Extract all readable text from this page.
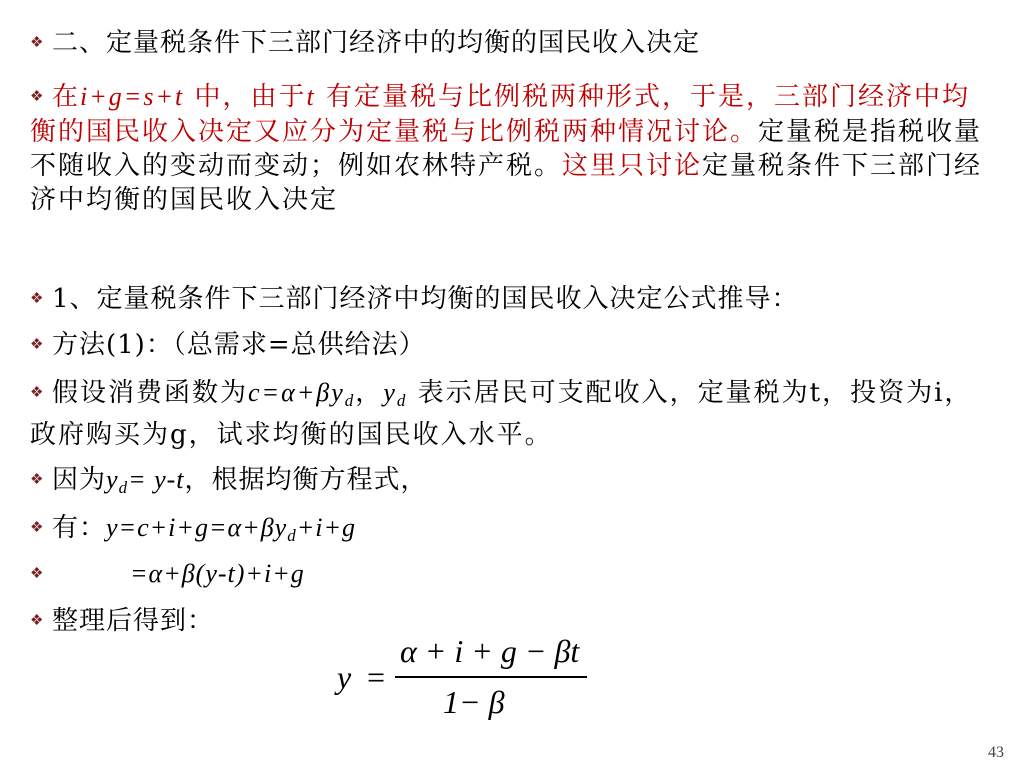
❖ 二、定量税条件下三部门经济中的均衡的国民收入决定
❖ 在i+g=s+t 中，由于t 有定量税与比例税两种形式，于是，三部门经济中均衡的国民收入决定又应分为定量税与比例税两种情况讨论。定量税是指税收量不随收入的变动而变动；例如农林特产税。这里只讨论定量税条件下三部门经济中均衡的国民收入决定
❖ 1、定量税条件下三部门经济中均衡的国民收入决定公式推导：
❖ 方法(1)：（总需求=总供给法）
❖ 假设消费函数为$c=\alpha+\beta y_d$，$y_d$ 表示居民可支配收入，定量税为t，投资为i，政府购买为g，试求均衡的国民收入水平。
❖ 因为$y_d= y-t$，根据均衡方程式，
❖ 有：$y=c+i+g=\alpha+\beta y_d+i+g$
❖	=α+β(y-t)+i+g
❖ 整理后得到：
y =
α + i + g − βt
1− β
43
